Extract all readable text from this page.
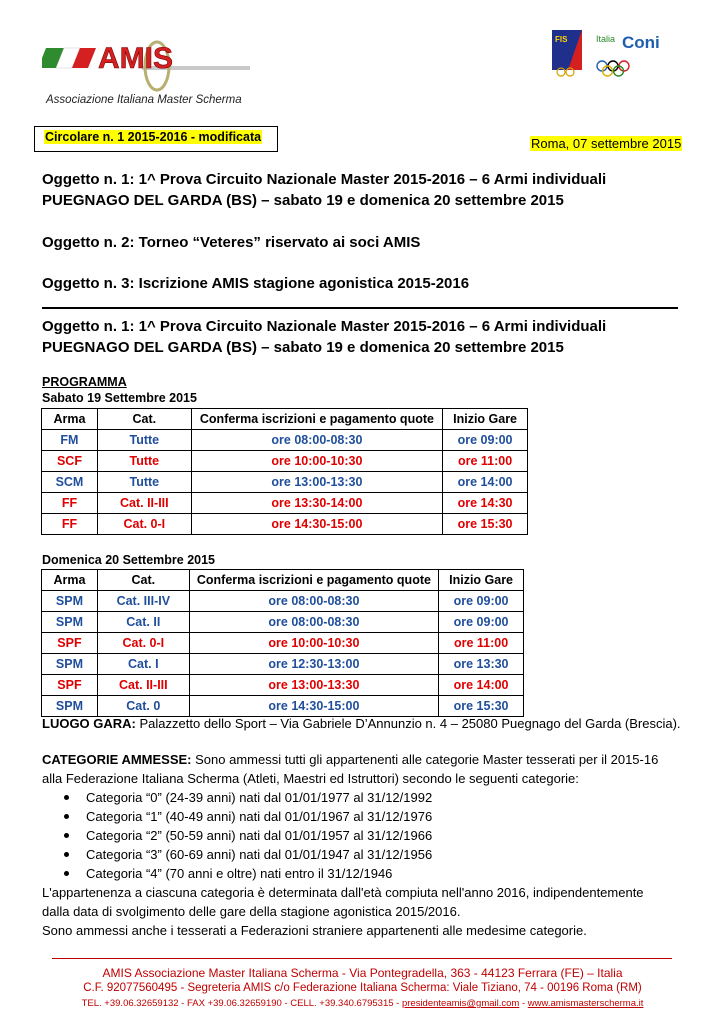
AMIS
Associazione Italiana Master Scherma
FIS	Italia Coni
Circolare n. 1 2015-2016 - modificata	Roma, 07 settembre 2015
Oggetto n. 1: 1^ Prova Circuito Nazionale Master 2015-2016 – 6 Armi individuali
PUEGNAGO DEL GARDA (BS) – sabato 19 e domenica 20 settembre 2015
Oggetto n. 2: Torneo “Veteres” riservato ai soci AMIS
Oggetto n. 3: Iscrizione AMIS stagione agonistica 2015-2016
Oggetto n. 1: 1^ Prova Circuito Nazionale Master 2015-2016 – 6 Armi individuali
PUEGNAGO DEL GARDA (BS) – sabato 19 e domenica 20 settembre 2015
PROGRAMMA
Sabato 19 Settembre 2015
Arma	Cat.	Conferma iscrizioni e pagamento quote	Inizio Gare
FM	Tutte	ore 08:00-08:30	ore 09:00
SCF	Tutte	ore 10:00-10:30	ore 11:00
SCM	Tutte	ore 13:00-13:30	ore 14:00
FF	Cat. II-III	ore 13:30-14:00	ore 14:30
FF	Cat. 0-I	ore 14:30-15:00	ore 15:30
Domenica 20 Settembre 2015
Arma	Cat.	Conferma iscrizioni e pagamento quote	Inizio Gare
SPM	Cat. III-IV	ore 08:00-08:30	ore 09:00
SPM	Cat. II	ore 08:00-08:30	ore 09:00
SPF	Cat. 0-I	ore 10:00-10:30	ore 11:00
SPM	Cat. I	ore 12:30-13:00	ore 13:30
SPF	Cat. II-III	ore 13:00-13:30	ore 14:00
SPM	Cat. 0	ore 14:30-15:00	ore 15:30
LUOGO GARA: Palazzetto dello Sport – Via Gabriele D’Annunzio n. 4 – 25080 Puegnago del Garda (Brescia).
CATEGORIE AMMESSE: Sono ammessi tutti gli appartenenti alle categorie Master tesserati per il 2015-16
alla Federazione Italiana Scherma (Atleti, Maestri ed Istruttori) secondo le seguenti categorie:
Categoria “0” (24-39 anni) nati dal 01/01/1977 al 31/12/1992
Categoria “1” (40-49 anni) nati dal 01/01/1967 al 31/12/1976
Categoria “2” (50-59 anni) nati dal 01/01/1957 al 31/12/1966
Categoria “3” (60-69 anni) nati dal 01/01/1947 al 31/12/1956
Categoria “4” (70 anni e oltre) nati entro il 31/12/1946
L'appartenenza a ciascuna categoria è determinata dall'età compiuta nell'anno 2016, indipendentemente
dalla data di svolgimento delle gare della stagione agonistica 2015/2016.
Sono ammessi anche i tesserati a Federazioni straniere appartenenti alle medesime categorie.
AMIS Associazione Master Italiana Scherma - Via Pontegradella, 363 - 44123 Ferrara (FE) – Italia
C.F. 92077560495 - Segreteria AMIS c/o Federazione Italiana Scherma: Viale Tiziano, 74 - 00196 Roma (RM)
TEL. +39.06.32659132 - FAX +39.06.32659190 - CELL. +39.340.6795315 - presidenteamis@gmail.com - www.amismasterscherma.it
